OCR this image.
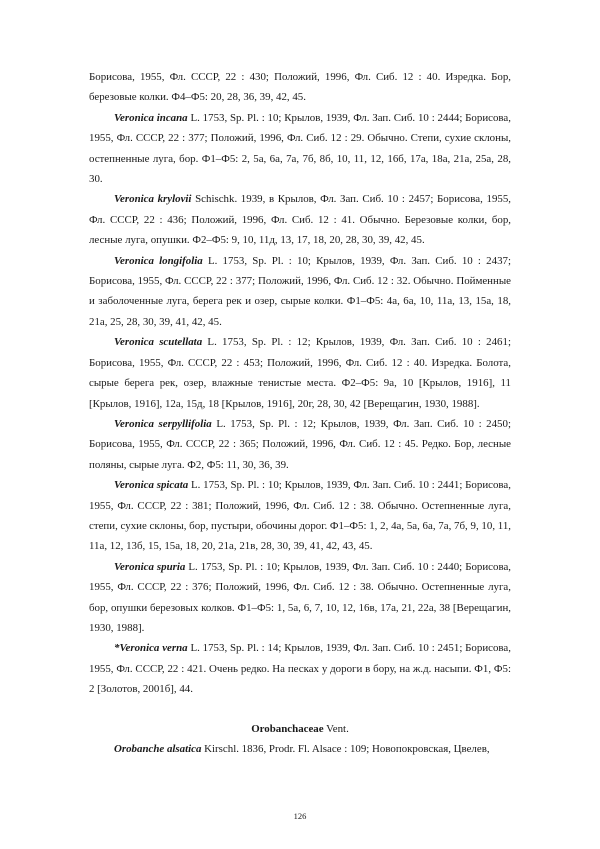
Борисова, 1955, Фл. СССР, 22 : 430; Положий, 1996, Фл. Сиб. 12 : 40. Изредка. Бор, березовые колки. Ф4–Ф5: 20, 28, 36, 39, 42, 45.

Veronica incana L. 1753, Sp. Pl. : 10; Крылов, 1939, Фл. Зап. Сиб. 10 : 2444; Борисова, 1955, Фл. СССР, 22 : 377; Положий, 1996, Фл. Сиб. 12 : 29. Обычно. Степи, сухие склоны, остепненные луга, бор. Ф1–Ф5: 2, 5а, 6а, 7а, 7б, 8б, 10, 11, 12, 16б, 17а, 18а, 21а, 25а, 28, 30.

Veronica krylovii Schischk. 1939, в Крылов, Фл. Зап. Сиб. 10 : 2457; Борисова, 1955, Фл. СССР, 22 : 436; Положий, 1996, Фл. Сиб. 12 : 41. Обычно. Березовые колки, бор, лесные луга, опушки. Ф2–Ф5: 9, 10, 11д, 13, 17, 18, 20, 28, 30, 39, 42, 45.

Veronica longifolia L. 1753, Sp. Pl. : 10; Крылов, 1939, Фл. Зап. Сиб. 10 : 2437; Борисова, 1955, Фл. СССР, 22 : 377; Положий, 1996, Фл. Сиб. 12 : 32. Обычно. Пойменные и заболоченные луга, берега рек и озер, сырые колки. Ф1–Ф5: 4а, 6а, 10, 11а, 13, 15а, 18, 21а, 25, 28, 30, 39, 41, 42, 45.

Veronica scutellata L. 1753, Sp. Pl. : 12; Крылов, 1939, Фл. Зап. Сиб. 10 : 2461; Борисова, 1955, Фл. СССР, 22 : 453; Положий, 1996, Фл. Сиб. 12 : 40. Изредка. Болота, сырые берега рек, озер, влажные тенистые места. Ф2–Ф5: 9а, 10 [Крылов, 1916], 11 [Крылов, 1916], 12а, 15д, 18 [Крылов, 1916], 20г, 28, 30, 42 [Верещагин, 1930, 1988].

Veronica serpyllifolia L. 1753, Sp. Pl. : 12; Крылов, 1939, Фл. Зап. Сиб. 10 : 2450; Борисова, 1955, Фл. СССР, 22 : 365; Положий, 1996, Фл. Сиб. 12 : 45. Редко. Бор, лесные поляны, сырые луга. Ф2, Ф5: 11, 30, 36, 39.

Veronica spicata L. 1753, Sp. Pl. : 10; Крылов, 1939, Фл. Зап. Сиб. 10 : 2441; Борисова, 1955, Фл. СССР, 22 : 381; Положий, 1996, Фл. Сиб. 12 : 38. Обычно. Остепненные луга, степи, сухие склоны, бор, пустыри, обочины дорог. Ф1–Ф5: 1, 2, 4а, 5а, 6а, 7а, 7б, 9, 10, 11, 11а, 12, 13б, 15, 15а, 18, 20, 21а, 21в, 28, 30, 39, 41, 42, 43, 45.

Veronica spuria L. 1753, Sp. Pl. : 10; Крылов, 1939, Фл. Зап. Сиб. 10 : 2440; Борисова, 1955, Фл. СССР, 22 : 376; Положий, 1996, Фл. Сиб. 12 : 38. Обычно. Остепненные луга, бор, опушки березовых колков. Ф1–Ф5: 1, 5а, 6, 7, 10, 12, 16в, 17а, 21, 22а, 38 [Верещагин, 1930, 1988].

*Veronica verna L. 1753, Sp. Pl. : 14; Крылов, 1939, Фл. Зап. Сиб. 10 : 2451; Борисова, 1955, Фл. СССР, 22 : 421. Очень редко. На песках у дороги в бору, на ж.д. насыпи. Ф1, Ф5: 2 [Золотов, 2001б], 44.

Orobanchaceae Vent.

Orobanche alsatica Kirschl. 1836, Prodr. Fl. Alsace : 109; Новопокровская, Цвелев,

126
